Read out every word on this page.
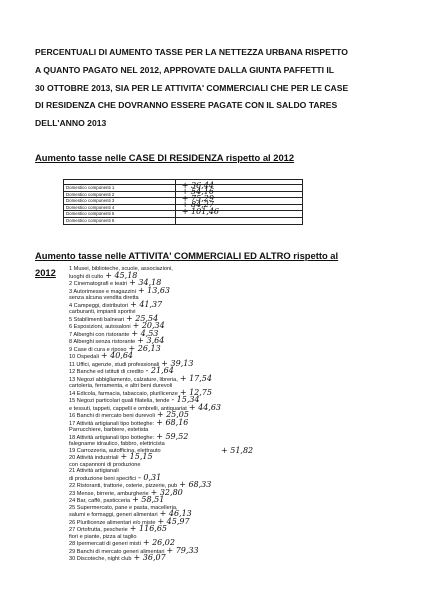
PERCENTUALI DI AUMENTO TASSE PER LA NETTEZZA URBANA RISPETTO
A QUANTO PAGATO NEL 2012, APPROVATE DALLA GIUNTA PAFFETTI IL
30 OTTOBRE 2013, SIA PER LE ATTIVITA' COMMERCIALI CHE PER LE CASE
DI RESIDENZA CHE DOVRANNO ESSERE PAGATE CON IL SALDO TARES
DELL'ANNO 2013
Aumento tasse nelle CASE DI RESIDENZA rispetto al 2012

Domestico componenti 1	+ 36,44

Domestico componenti 2	+ 54,16

Domestico componenti 3	+ 75,29

Domestico componenti 4	+ 84,27

Domestico componenti 5	+ 101,46

Domestico componenti 6	
Aumento tasse nelle ATTIVITA' COMMERCIALI ED ALTRO rispetto al
2012	1 Musei, biblioteche, scuole, associazioni,
luoghi di culto + 45,18
2 Cinematografi e teatri + 34,18
3 Autorimesse e magazzini + 13,63
senza alcuna vendita diretta
4 Campeggi, distributori + 41,37
carburanti, impianti sportivi
5 Stabilimenti balneari + 25,54
6 Esposizioni, autosaloni + 20,34
7 Alberghi con ristorante + 4,53
8 Alberghi senza ristorante + 3,64
9 Case di cura e riposo + 26,13
10 Ospedali + 40,64
11 Uffici, agenzie, studi professionali + 39,13
12 Banche ed istituti di credito - 21,64
13 Negozi abbigliamento, calzature, libreria, + 17,54
cartoleria, ferramenta, e altri beni durevoli
14 Edicola, farmacia, tabaccaio, plurilicenze + 12,75
15 Negozi particolari quali filatelia, tende - 15,34
e tessuti, tappeti, cappelli e ombrelli, antiquariat + 44,63
16 Banchi di mercato beni durevoli + 25,05
17 Attività artigianali tipo botteghe: + 68,16
Parrucchiere, barbiere, estetista
18 Attività artigianali tipo botteghe: + 59,52
falegname idraulico, fabbro, elettricista
19 Carrozzeria, autofficina, elettrauto	+ 51,82
20 Attività industriali + 15,15
con capannoni di produzione
21 Attività artigianali
di produzione beni specifici - 0,31
22 Ristoranti, trattorie, osterie, pizzerie, pub + 68,33
23 Mense, birrerie, amburgherie + 32,80
24 Bar, caffè, pasticceria + 58,51
25 Supermercato, pane e pasta, macelleria,
salumi e formaggi, generi alimentari + 46,13
26 Plurilicenze alimentari e/o miste + 45,97
27 Ortofrutta, pescherie + 116,65
fiori e piante, pizza al taglio
28 Ipermercati di generi misti + 26,02
29 Banchi di mercato generi alimentari + 79,33
30 Discoteche, night club + 36,07
